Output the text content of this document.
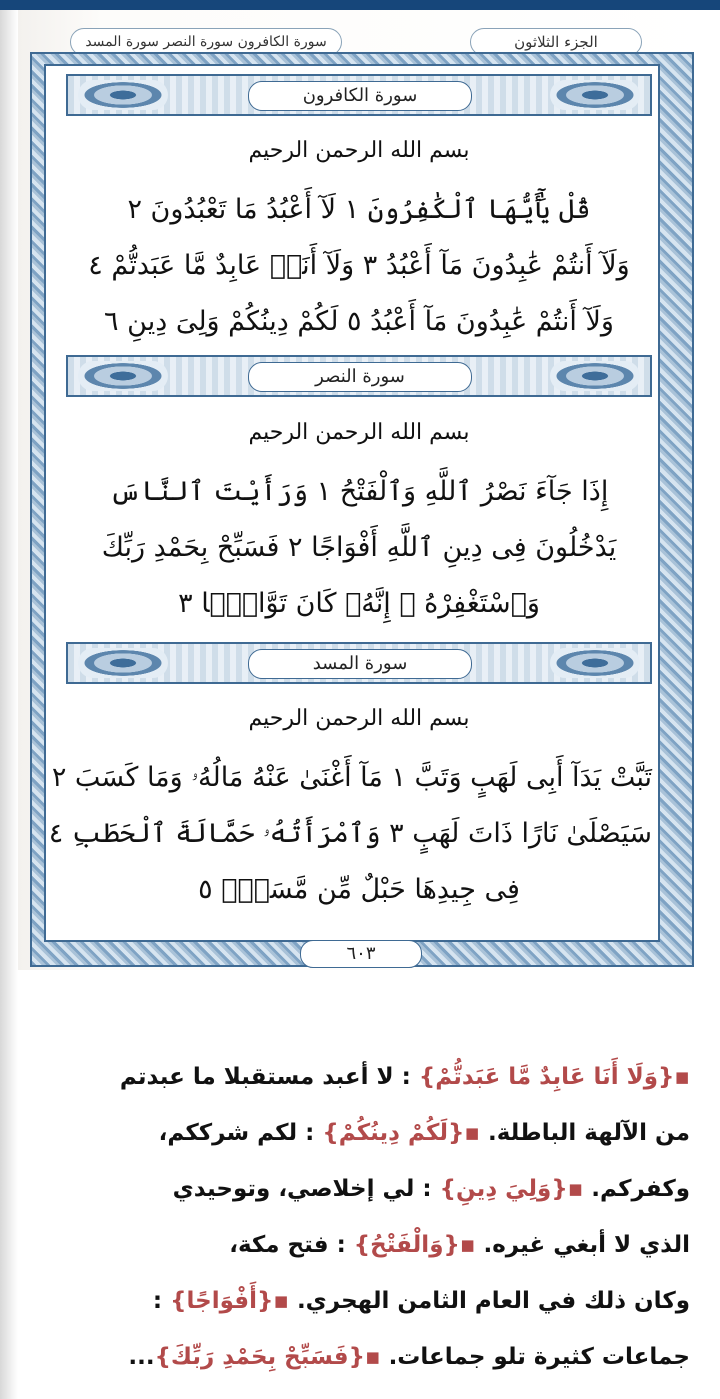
الجزء الثلاثون
سورة الكافرون سورة النصر سورة المسد
سورة الكافرون
بسم الله الرحمن الرحيم
قُلْ يَٰٓأَيُّهَا ٱلْكَٰفِرُونَ ١ لَآ أَعْبُدُ مَا تَعْبُدُونَ ٢
وَلَآ أَنتُمْ عَٰبِدُونَ مَآ أَعْبُدُ ٣ وَلَآ أَنَا۠ عَابِدٌ مَّا عَبَدتُّمْ ٤
وَلَآ أَنتُمْ عَٰبِدُونَ مَآ أَعْبُدُ ٥ لَكُمْ دِينُكُمْ وَلِىَ دِينِ ٦
سورة النصر
بسم الله الرحمن الرحيم
إِذَا جَآءَ نَصْرُ ٱللَّهِ وَٱلْفَتْحُ ١ وَرَأَيْتَ ٱلنَّاسَ
يَدْخُلُونَ فِى دِينِ ٱللَّهِ أَفْوَاجًا ٢ فَسَبِّحْ بِحَمْدِ رَبِّكَ
وَٱسْتَغْفِرْهُ ۚ إِنَّهُۥ كَانَ تَوَّابًۢا ٣
سورة المسد
بسم الله الرحمن الرحيم
تَبَّتْ يَدَآ أَبِى لَهَبٍ وَتَبَّ ١ مَآ أَغْنَىٰ عَنْهُ مَالُهُۥ وَمَا كَسَبَ ٢
سَيَصْلَىٰ نَارًا ذَاتَ لَهَبٍ ٣ وَٱمْرَأَتُهُۥ حَمَّالَةَ ٱلْحَطَبِ ٤
فِى جِيدِهَا حَبْلٌ مِّن مَّسَدٍۭ ٥
٦٠٣
▪{وَلَا أَنَا عَابِدٌ مَّا عَبَدتُّمْ} : لا أعبد مستقبلا ما عبدتم
من الآلهة الباطلة. ▪{لَكُمْ دِينُكُمْ} : لكم شرككم،
وكفركم. ▪{وَلِيَ دِينِ} : لي إخلاصي، وتوحيدي
الذي لا أبغي غيره. ▪{وَالْفَتْحُ} : فتح مكة،
وكان ذلك في العام الثامن الهجري. ▪{أَفْوَاجًا} :
جماعات كثيرة تلو جماعات. ▪{فَسَبِّحْ بِحَمْدِ رَبِّكَ}...
